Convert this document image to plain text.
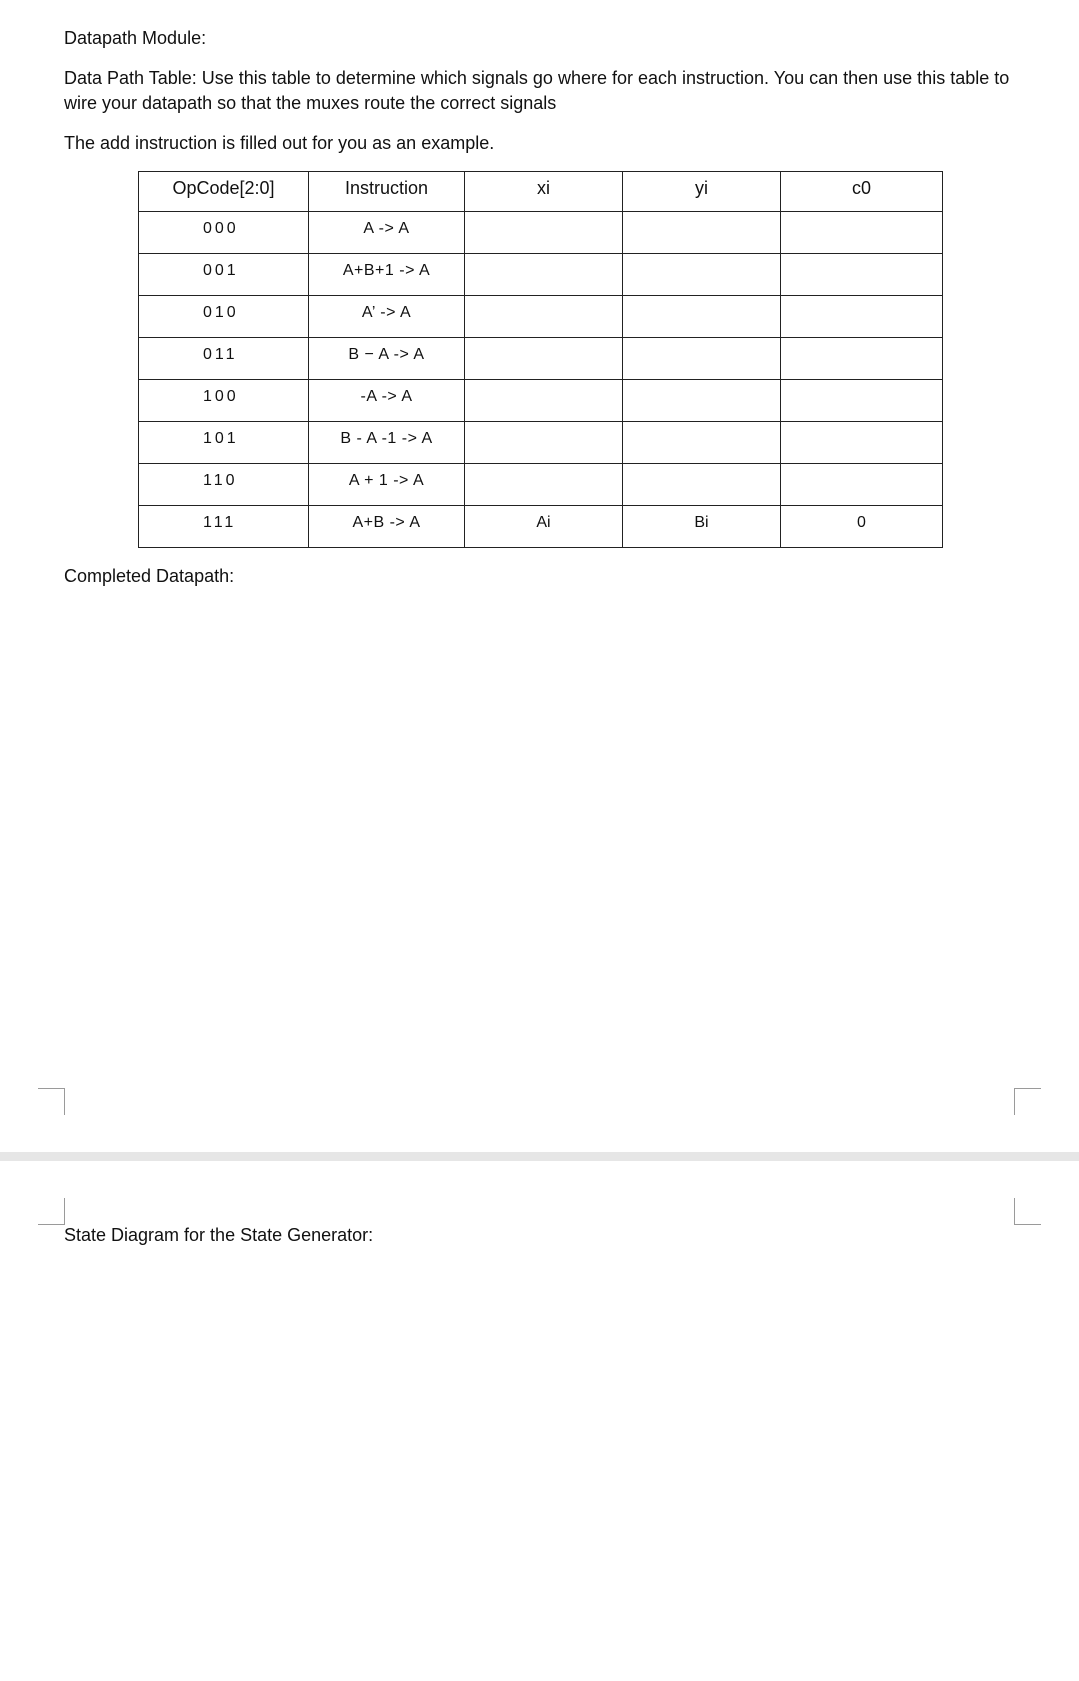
Datapath Module:

Data Path Table: Use this table to determine which signals go where for each instruction. You can then use this table to wire your datapath so that the muxes route the correct signals

The add instruction is filled out for you as an example.

OpCode[2:0]	Instruction	xi	yi	c0
000	A -> A			
001	A+B+1 -> A			
010	A’ -> A			
011	B − A -> A			
100	-A -> A			
101	B - A -1 -> A			
110	A + 1 -> A			
111	A+B -> A	Ai	Bi	0

Completed Datapath:

State Diagram for the State Generator:
